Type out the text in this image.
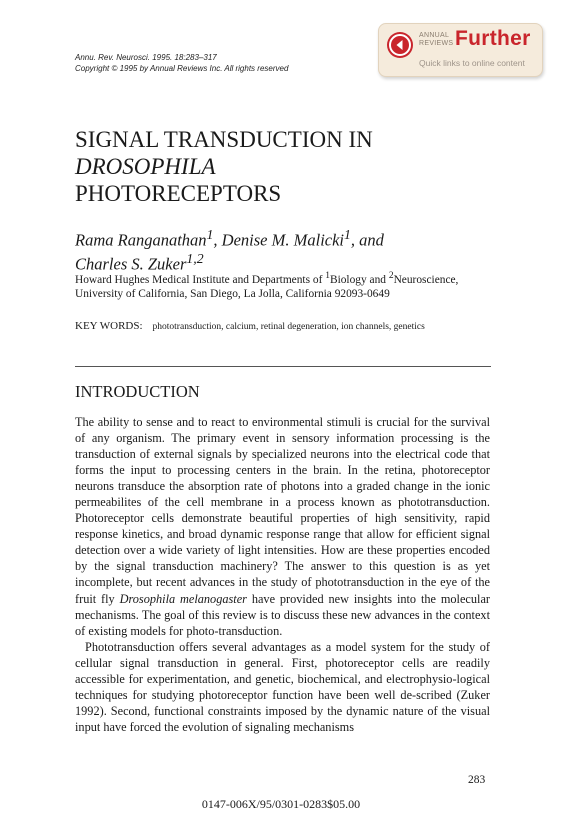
Annu. Rev. Neurosci. 1995. 18:283–317
Copyright © 1995 by Annual Reviews Inc. All rights reserved
ANNUAL
REVIEWS Further
Quick links to online content
SIGNAL TRANSDUCTION IN
DROSOPHILA
PHOTORECEPTORS
Rama Ranganathan$^1$, Denise M. Malicki$^1$, and
Charles S. Zuker$^{1,2}$
Howard Hughes Medical Institute and Departments of $^1$Biology and $^2$Neuroscience,
University of California, San Diego, La Jolla, California 92093-0649
KEY WORDS: phototransduction, calcium, retinal degeneration, ion channels, genetics
INTRODUCTION

The ability to sense and to react to environmental stimuli is crucial for the survival of any organism. The primary event in sensory information processing is the transduction of external signals by specialized neurons into the electrical code that forms the input to processing centers in the brain. In the retina, photoreceptor neurons transduce the absorption rate of photons into a graded change in the ionic permeabilites of the cell membrane in a process known as phototransduction. Photoreceptor cells demonstrate beautiful properties of high sensitivity, rapid response kinetics, and broad dynamic response range that allow for efficient signal detection over a wide variety of light intensities. How are these properties encoded by the signal transduction machinery? The answer to this question is as yet incomplete, but recent advances in the study of phototransduction in the eye of the fruit fly Drosophila melanogaster have provided new insights into the molecular mechanisms. The goal of this review is to discuss these new advances in the context of existing models for photo-transduction.

Phototransduction offers several advantages as a model system for the study of cellular signal transduction in general. First, photoreceptor cells are readily accessible for experimentation, and genetic, biochemical, and electrophysio-logical techniques for studying photoreceptor function have been well de-scribed (Zuker 1992). Second, functional constraints imposed by the dynamic nature of the visual input have forced the evolution of signaling mechanisms

283
0147-006X/95/0301-0283$05.00
